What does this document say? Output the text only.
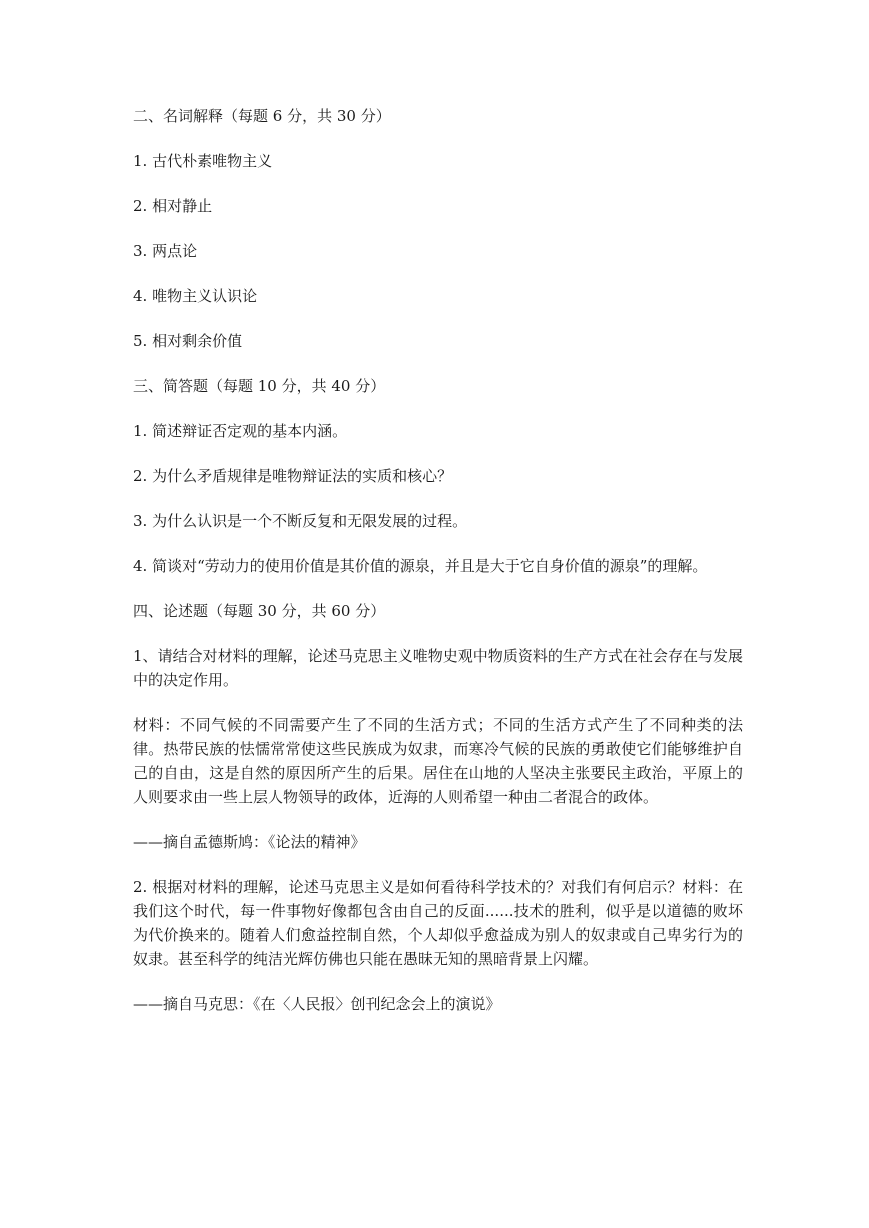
二、名词解释（每题 6 分，共 30 分）

1. 古代朴素唯物主义

2. 相对静止

3. 两点论

4. 唯物主义认识论

5. 相对剩余价值

三、简答题（每题 10 分，共 40 分）

1. 简述辩证否定观的基本内涵。

2. 为什么矛盾规律是唯物辩证法的实质和核心？

3. 为什么认识是一个不断反复和无限发展的过程。

4. 简谈对“劳动力的使用价值是其价值的源泉，并且是大于它自身价值的源泉”的理解。

四、论述题（每题 30 分，共 60 分）

1、请结合对材料的理解，论述马克思主义唯物史观中物质资料的生产方式在社会存在与发展中的决定作用。

材料：不同气候的不同需要产生了不同的生活方式；不同的生活方式产生了不同种类的法律。热带民族的怯懦常常使这些民族成为奴隶，而寒冷气候的民族的勇敢使它们能够维护自己的自由，这是自然的原因所产生的后果。居住在山地的人坚决主张要民主政治，平原上的人则要求由一些上层人物领导的政体，近海的人则希望一种由二者混合的政体。

——摘自孟德斯鸠：《论法的精神》

2. 根据对材料的理解，论述马克思主义是如何看待科学技术的？对我们有何启示？材料：在我们这个时代，每一件事物好像都包含由自己的反面......技术的胜利，似乎是以道德的败坏为代价换来的。随着人们愈益控制自然，个人却似乎愈益成为别人的奴隶或自己卑劣行为的奴隶。甚至科学的纯洁光辉仿佛也只能在愚昧无知的黑暗背景上闪耀。

——摘自马克思：《在〈人民报〉创刊纪念会上的演说》
